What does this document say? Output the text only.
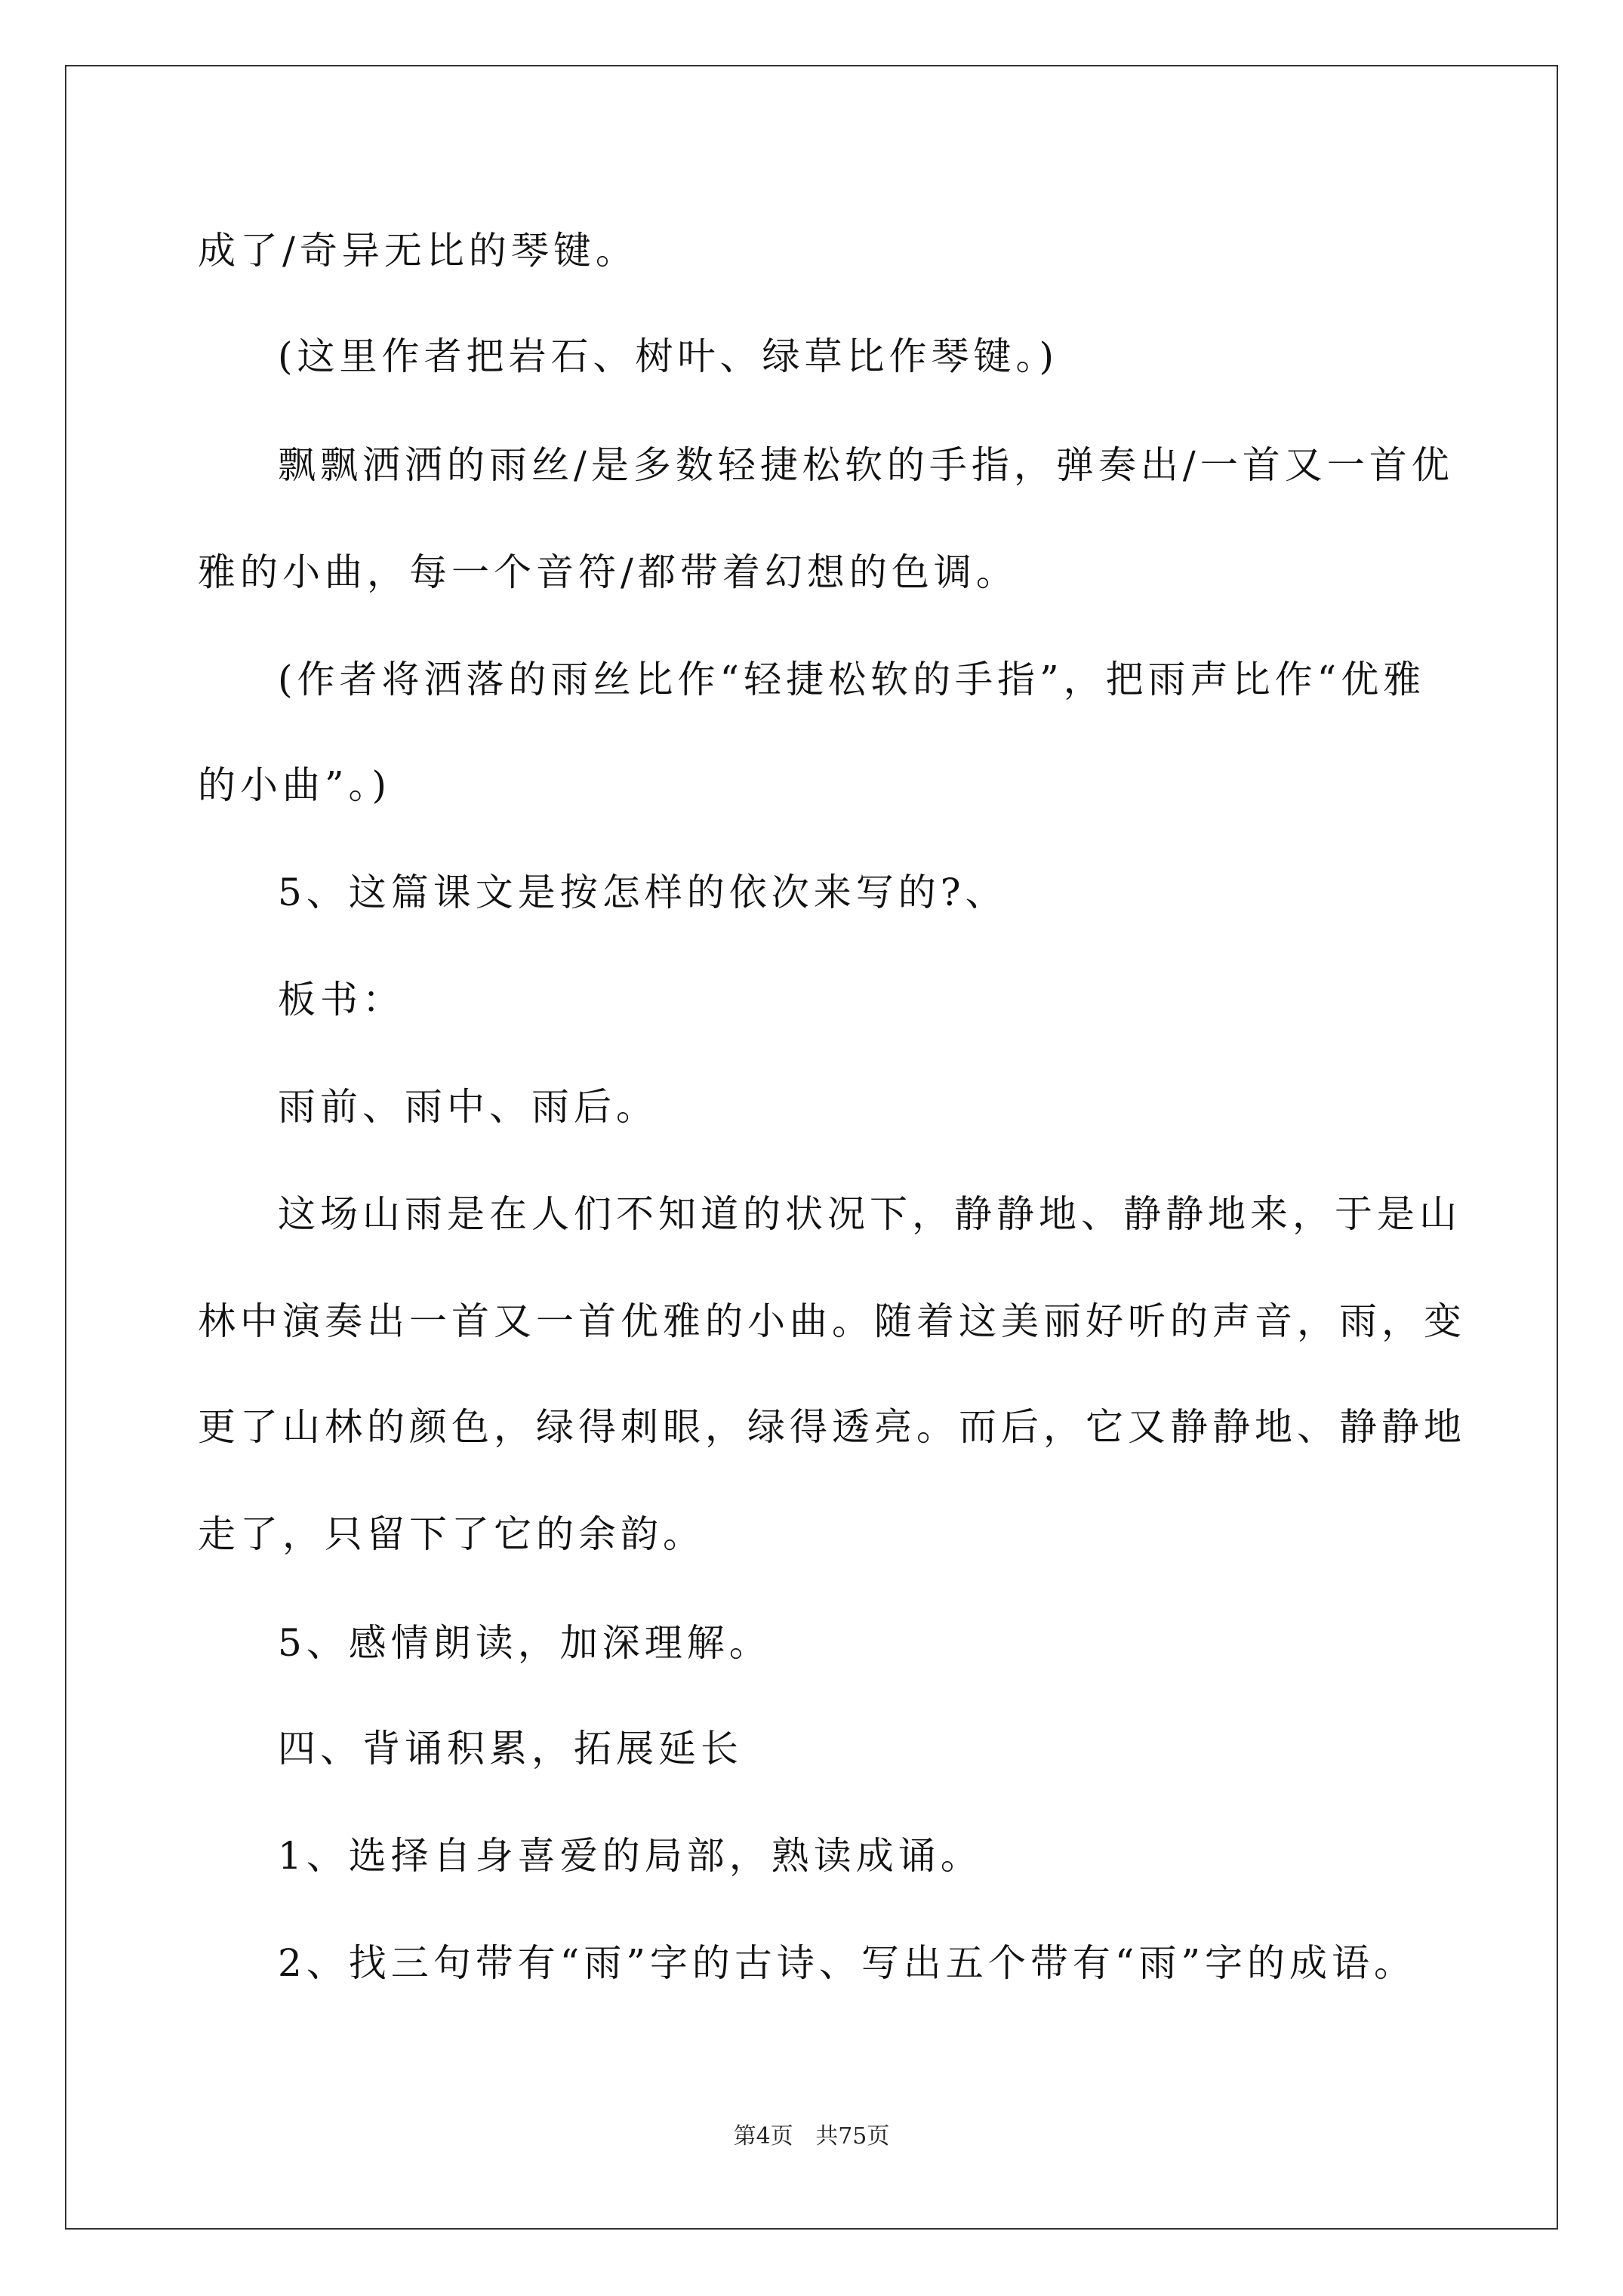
成了/奇异无比的琴键。
(这里作者把岩石、树叶、绿草比作琴键。)
飘飘洒洒的雨丝/是多数轻捷松软的手指，弹奏出/一首又一首优
雅的小曲，每一个音符/都带着幻想的色调。
(作者将洒落的雨丝比作“轻捷松软的手指”，把雨声比作“优雅
的小曲”。)
5、这篇课文是按怎样的依次来写的?、
板书：
雨前、雨中、雨后。
这场山雨是在人们不知道的状况下，静静地、静静地来，于是山
林中演奏出一首又一首优雅的小曲。随着这美丽好听的声音，雨，变
更了山林的颜色，绿得刺眼，绿得透亮。而后，它又静静地、静静地
走了，只留下了它的余韵。
5、感情朗读，加深理解。
四、背诵积累，拓展延长
1、选择自身喜爱的局部，熟读成诵。
2、找三句带有“雨”字的古诗、写出五个带有“雨”字的成语。
第4页 共75页
